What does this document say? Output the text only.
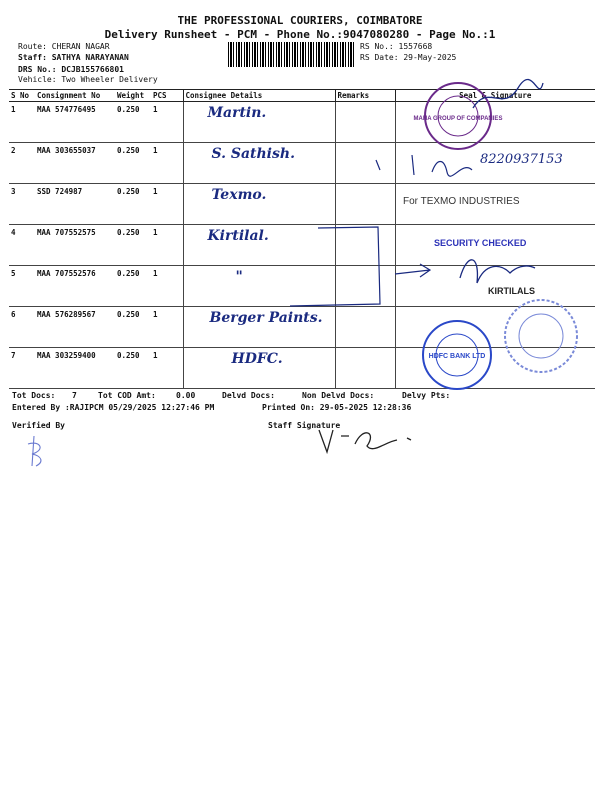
THE PROFESSIONAL COURIERS, COIMBATORE
Delivery Runsheet - PCM - Phone No.:9047080280 - Page No.:1
Route: CHERAN NAGAR
Staff: SATHYA NARAYANAN
DRS No.: DCJB155766801
Vehicle: Two Wheeler Delivery
RS No.: 1557668
RS Date: 29-May-2025
S No	Consignment No	Weight	PCS	Consignee Details	Remarks	Seal & Signature
1	MAA 574776495	0.250	1	Martin.		
2	MAA 303655037	0.250	1	S. Sathish.		
3	SSD 724987	0.250	1	Texmo.		
4	MAA 707552575	0.250	1	Kirtilal.		
5	MAA 707552576	0.250	1	"		
6	MAA 576289567	0.250	1	Berger Paints.		
7	MAA 303259400	0.250	1	HDFC.		
MAHA GROUP OF COMPANIES
8220937153
For TEXMO INDUSTRIES
SECURITY CHECKED
KIRTILALS
HDFC BANK LTD
Tot Docs: 7	Tot COD Amt:	0.00	Delvd Docs:	Non Delvd Docs:	Delvy Pts:
Entered By :RAJIPCM 05/29/2025 12:27:46 PM	Printed On: 29-05-2025 12:28:36
Verified By	Staff Signature
